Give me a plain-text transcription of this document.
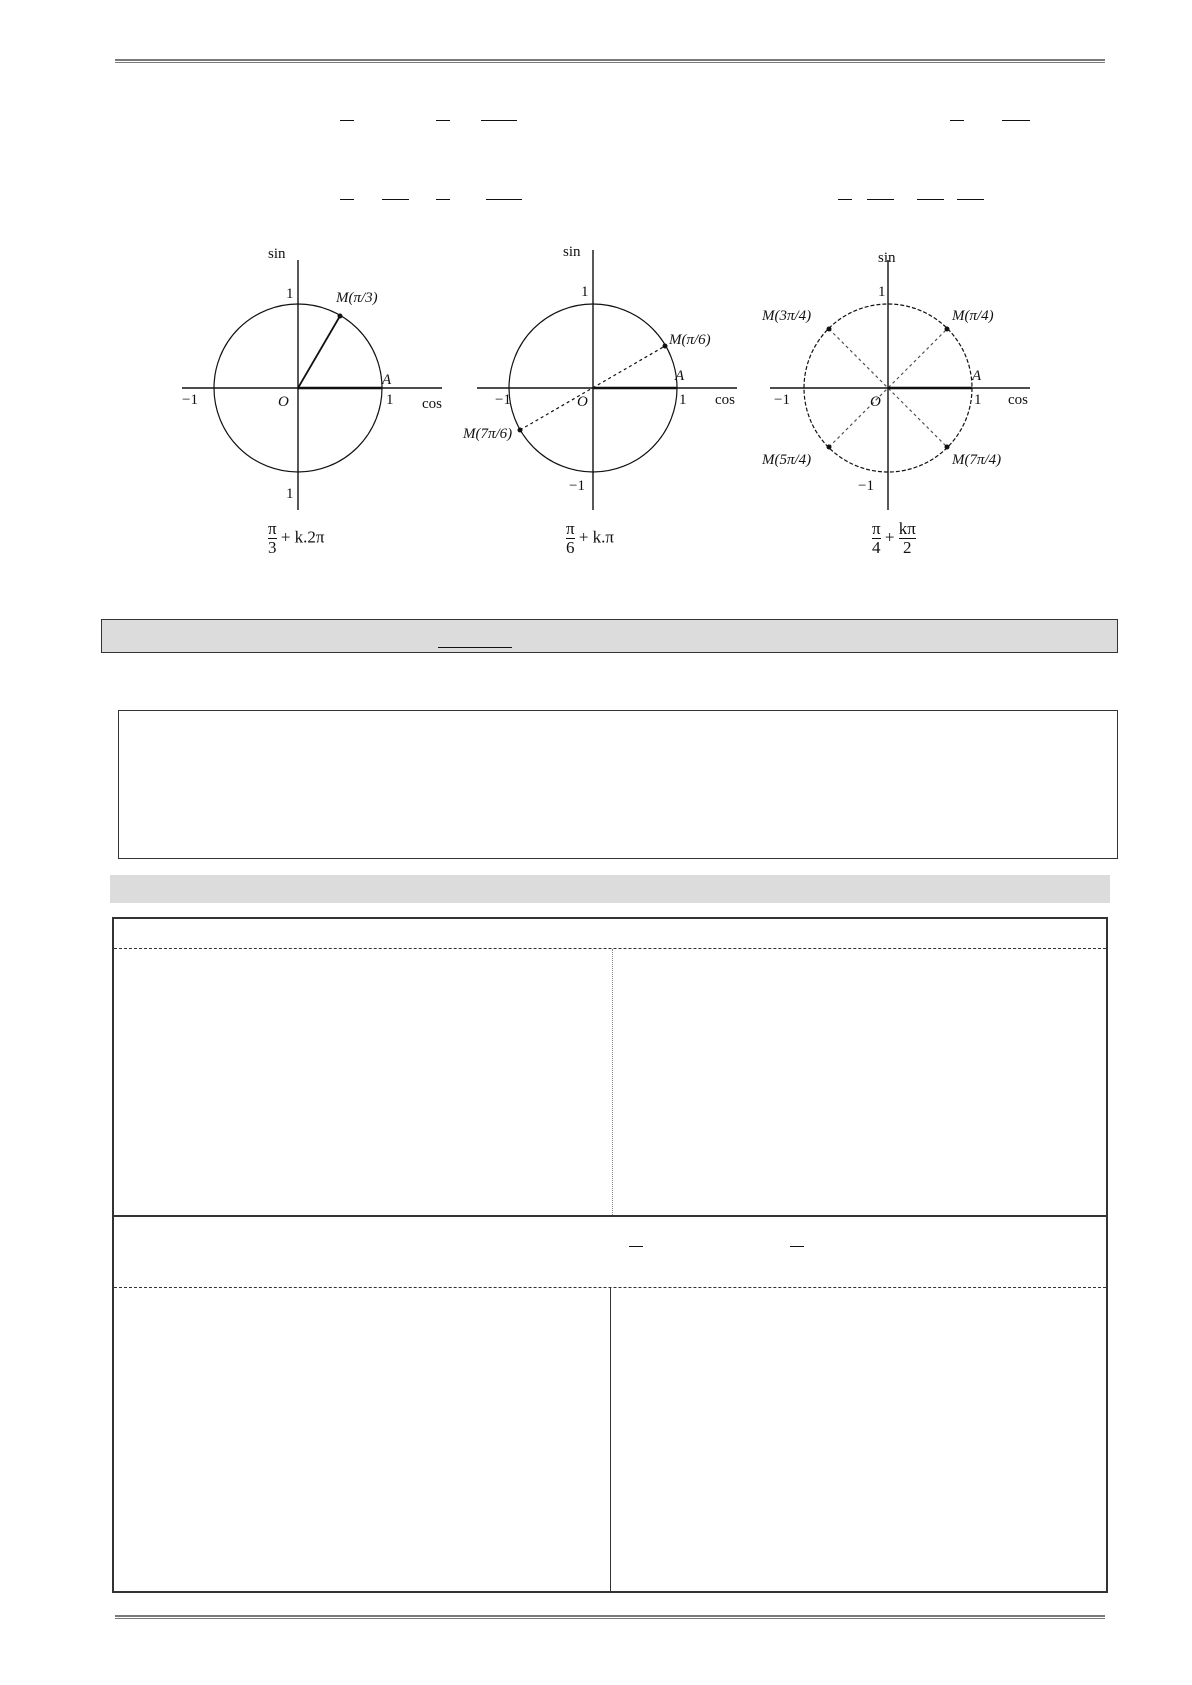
sin
cos
1
−1	1
1
O
A
M(π/3)
sin
cos
1
−1	1
−1
O
A
M(π/6)
M(7π/6)
sin
cos
1
−1	1
−1
O
A
M(π/4)
M(3π/4)
M(5π/4)	M(7π/4)
$\frac{\pi}{3} + k.2\pi$	$\frac{\pi}{6} + k.\pi$	$\frac{\pi}{4} + \frac{k\pi}{2}$
